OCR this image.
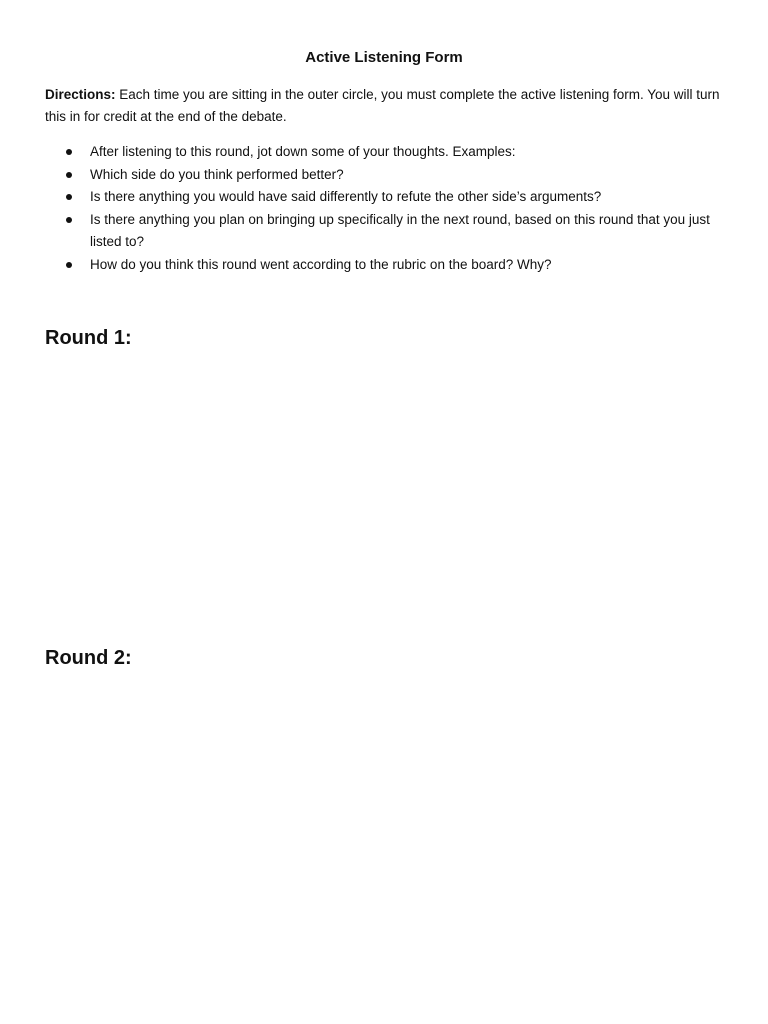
Active Listening Form
Directions: Each time you are sitting in the outer circle, you must complete the active listening form. You will turn this in for credit at the end of the debate.
After listening to this round, jot down some of your thoughts. Examples:
Which side do you think performed better?
Is there anything you would have said differently to refute the other side’s arguments?
Is there anything you plan on bringing up specifically in the next round, based on this round that you just listed to?
How do you think this round went according to the rubric on the board? Why?
Round 1:
Round 2:
